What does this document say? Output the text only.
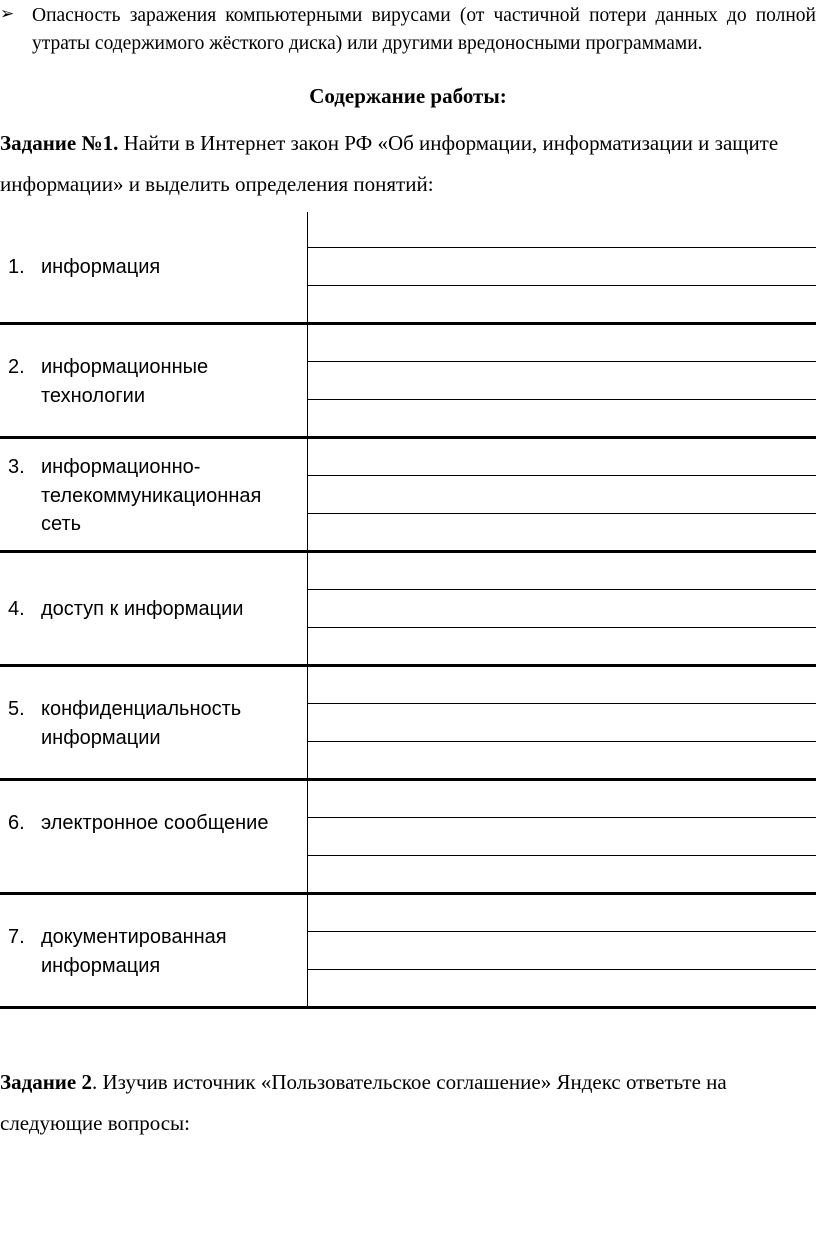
➢ Опасность заражения компьютерными вирусами (от частичной потери данных до полной утраты содержимого жёсткого диска) или другими вредоносными программами.
Содержание работы:
Задание №1. Найти в Интернет закон РФ «Об информации, информатизации и защите информации» и выделить определения понятий:
1. информация
2. информационные технологии
3. информационно-телекоммуникационная сеть
4. доступ к информации
5. конфиденциальность информации
6. электронное сообщение
7. документированная информация
Задание 2. Изучив источник «Пользовательское соглашение» Яндекс ответьте на следующие вопросы:
